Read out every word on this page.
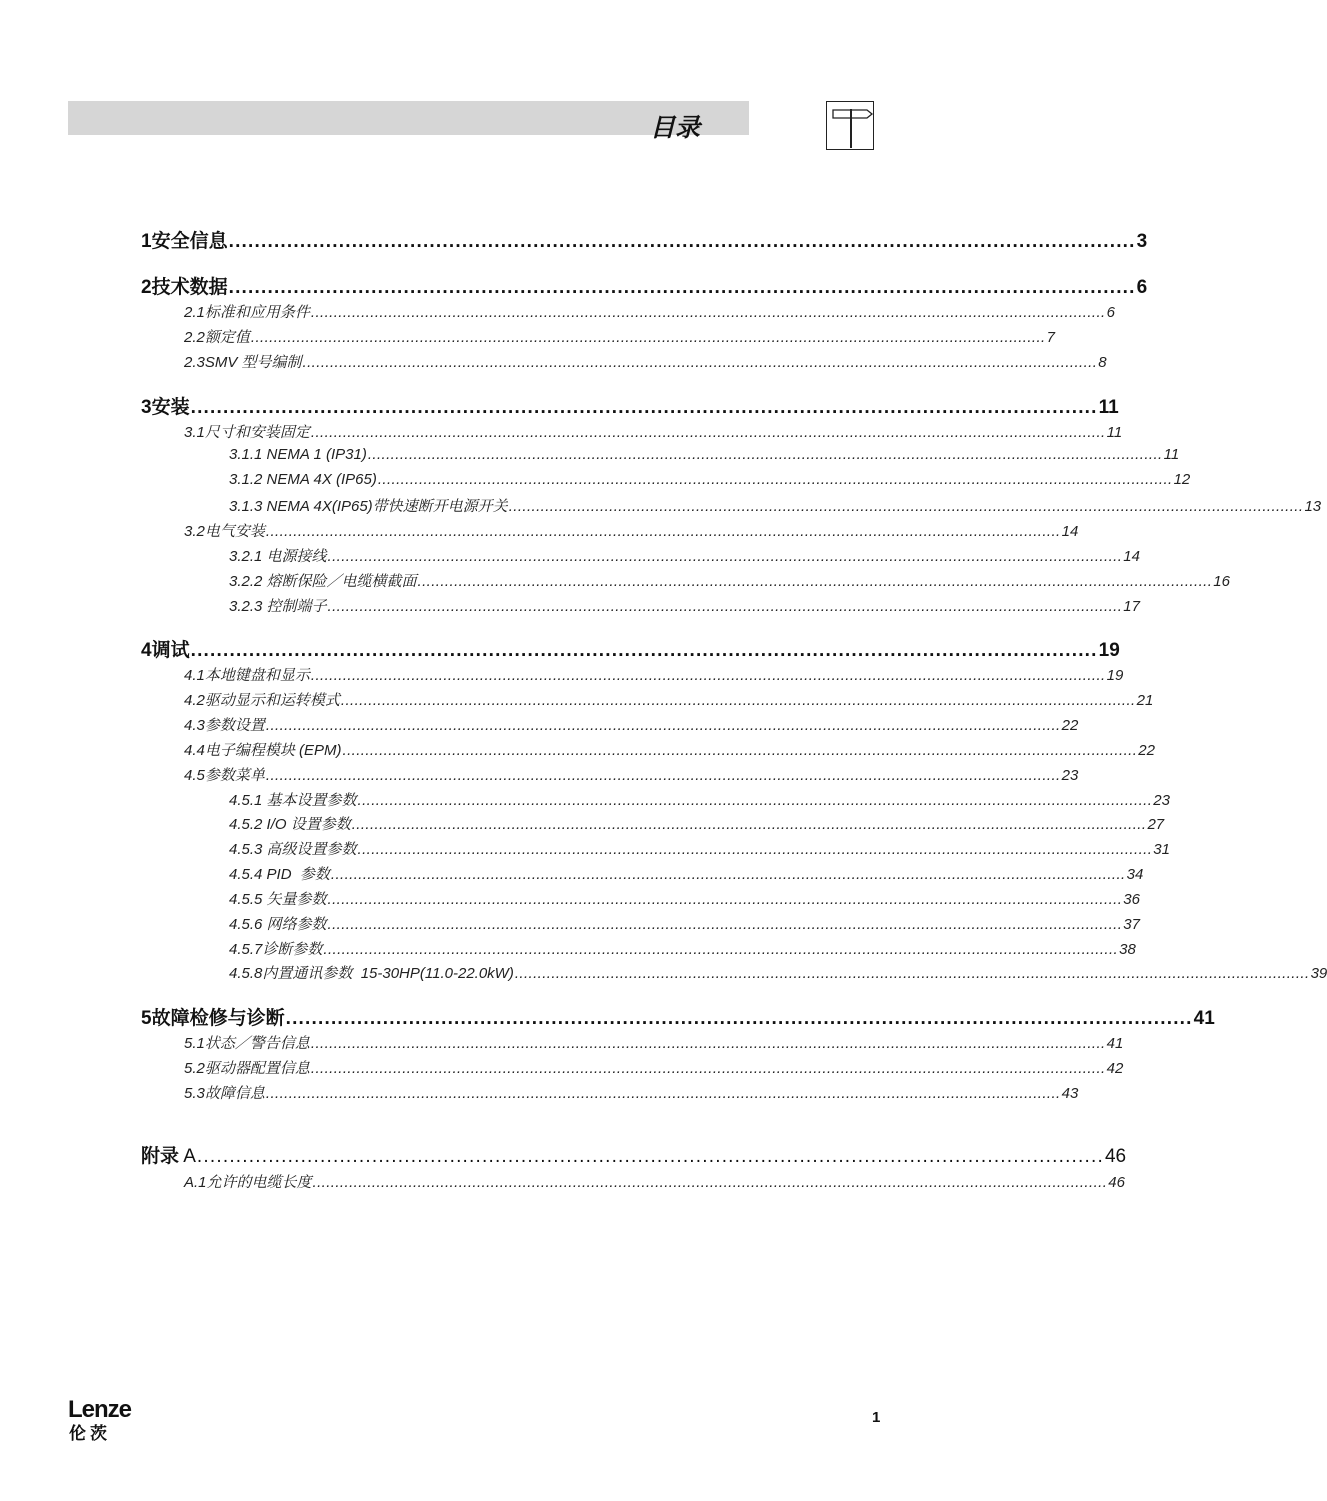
目录
1 安全信息 ............................................................................................................................................ 3
2 技术数据 ............................................................................................................................................ 6
2.1 标准和应用条件 .............................................................................................................................................................................. 6
2.2 额定值 .............................................................................................................................................................................. 7
2.3 SMV 型号编制 .............................................................................................................................................................................. 8
3 安装 ............................................................................................................................................ 11
3.1 尺寸和安装固定 .............................................................................................................................................................................. 11
3.1.1 NEMA 1 (IP31) .............................................................................................................................................................................. 11
3.1.2 NEMA 4X (IP65) .............................................................................................................................................................................. 12
3.1.3 NEMA 4X(IP65)带快速断开电源开关 .............................................................................................................................................................................. 13
3.2 电气安装 .............................................................................................................................................................................. 14
3.2.1 电源接线 .............................................................................................................................................................................. 14
3.2.2 熔断保险／电缆横截面 .............................................................................................................................................................................. 16
3.2.3 控制端子 .............................................................................................................................................................................. 17
4 调试 ............................................................................................................................................ 19
4.1 本地键盘和显示 .............................................................................................................................................................................. 19
4.2 驱动显示和运转模式 .............................................................................................................................................................................. 21
4.3 参数设置 .............................................................................................................................................................................. 22
4.4 电子编程模块 (EPM) .............................................................................................................................................................................. 22
4.5 参数菜单 .............................................................................................................................................................................. 23
4.5.1 基本设置参数 .............................................................................................................................................................................. 23
4.5.2 I/O 设置参数 .............................................................................................................................................................................. 27
4.5.3 高级设置参数 .............................................................................................................................................................................. 31
4.5.4 PID  参数 .............................................................................................................................................................................. 34
4.5.5 矢量参数 .............................................................................................................................................................................. 36
4.5.6 网络参数 .............................................................................................................................................................................. 37
4.5.7诊断参数 .............................................................................................................................................................................. 38
4.5.8内置通讯参数  15-30HP(11.0-22.0kW) .............................................................................................................................................................................. 39
5 故障检修与诊断 ............................................................................................................................................ 41
5.1 状态／警告信息 .............................................................................................................................................................................. 41
5.2 驱动器配置信息 .............................................................................................................................................................................. 42
5.3 故障信息 .............................................................................................................................................................................. 43
附录 A ............................................................................................................................................ 46
A.1 允许的电缆长度 .............................................................................................................................................................................. 46
Lenze
伦茨
1
